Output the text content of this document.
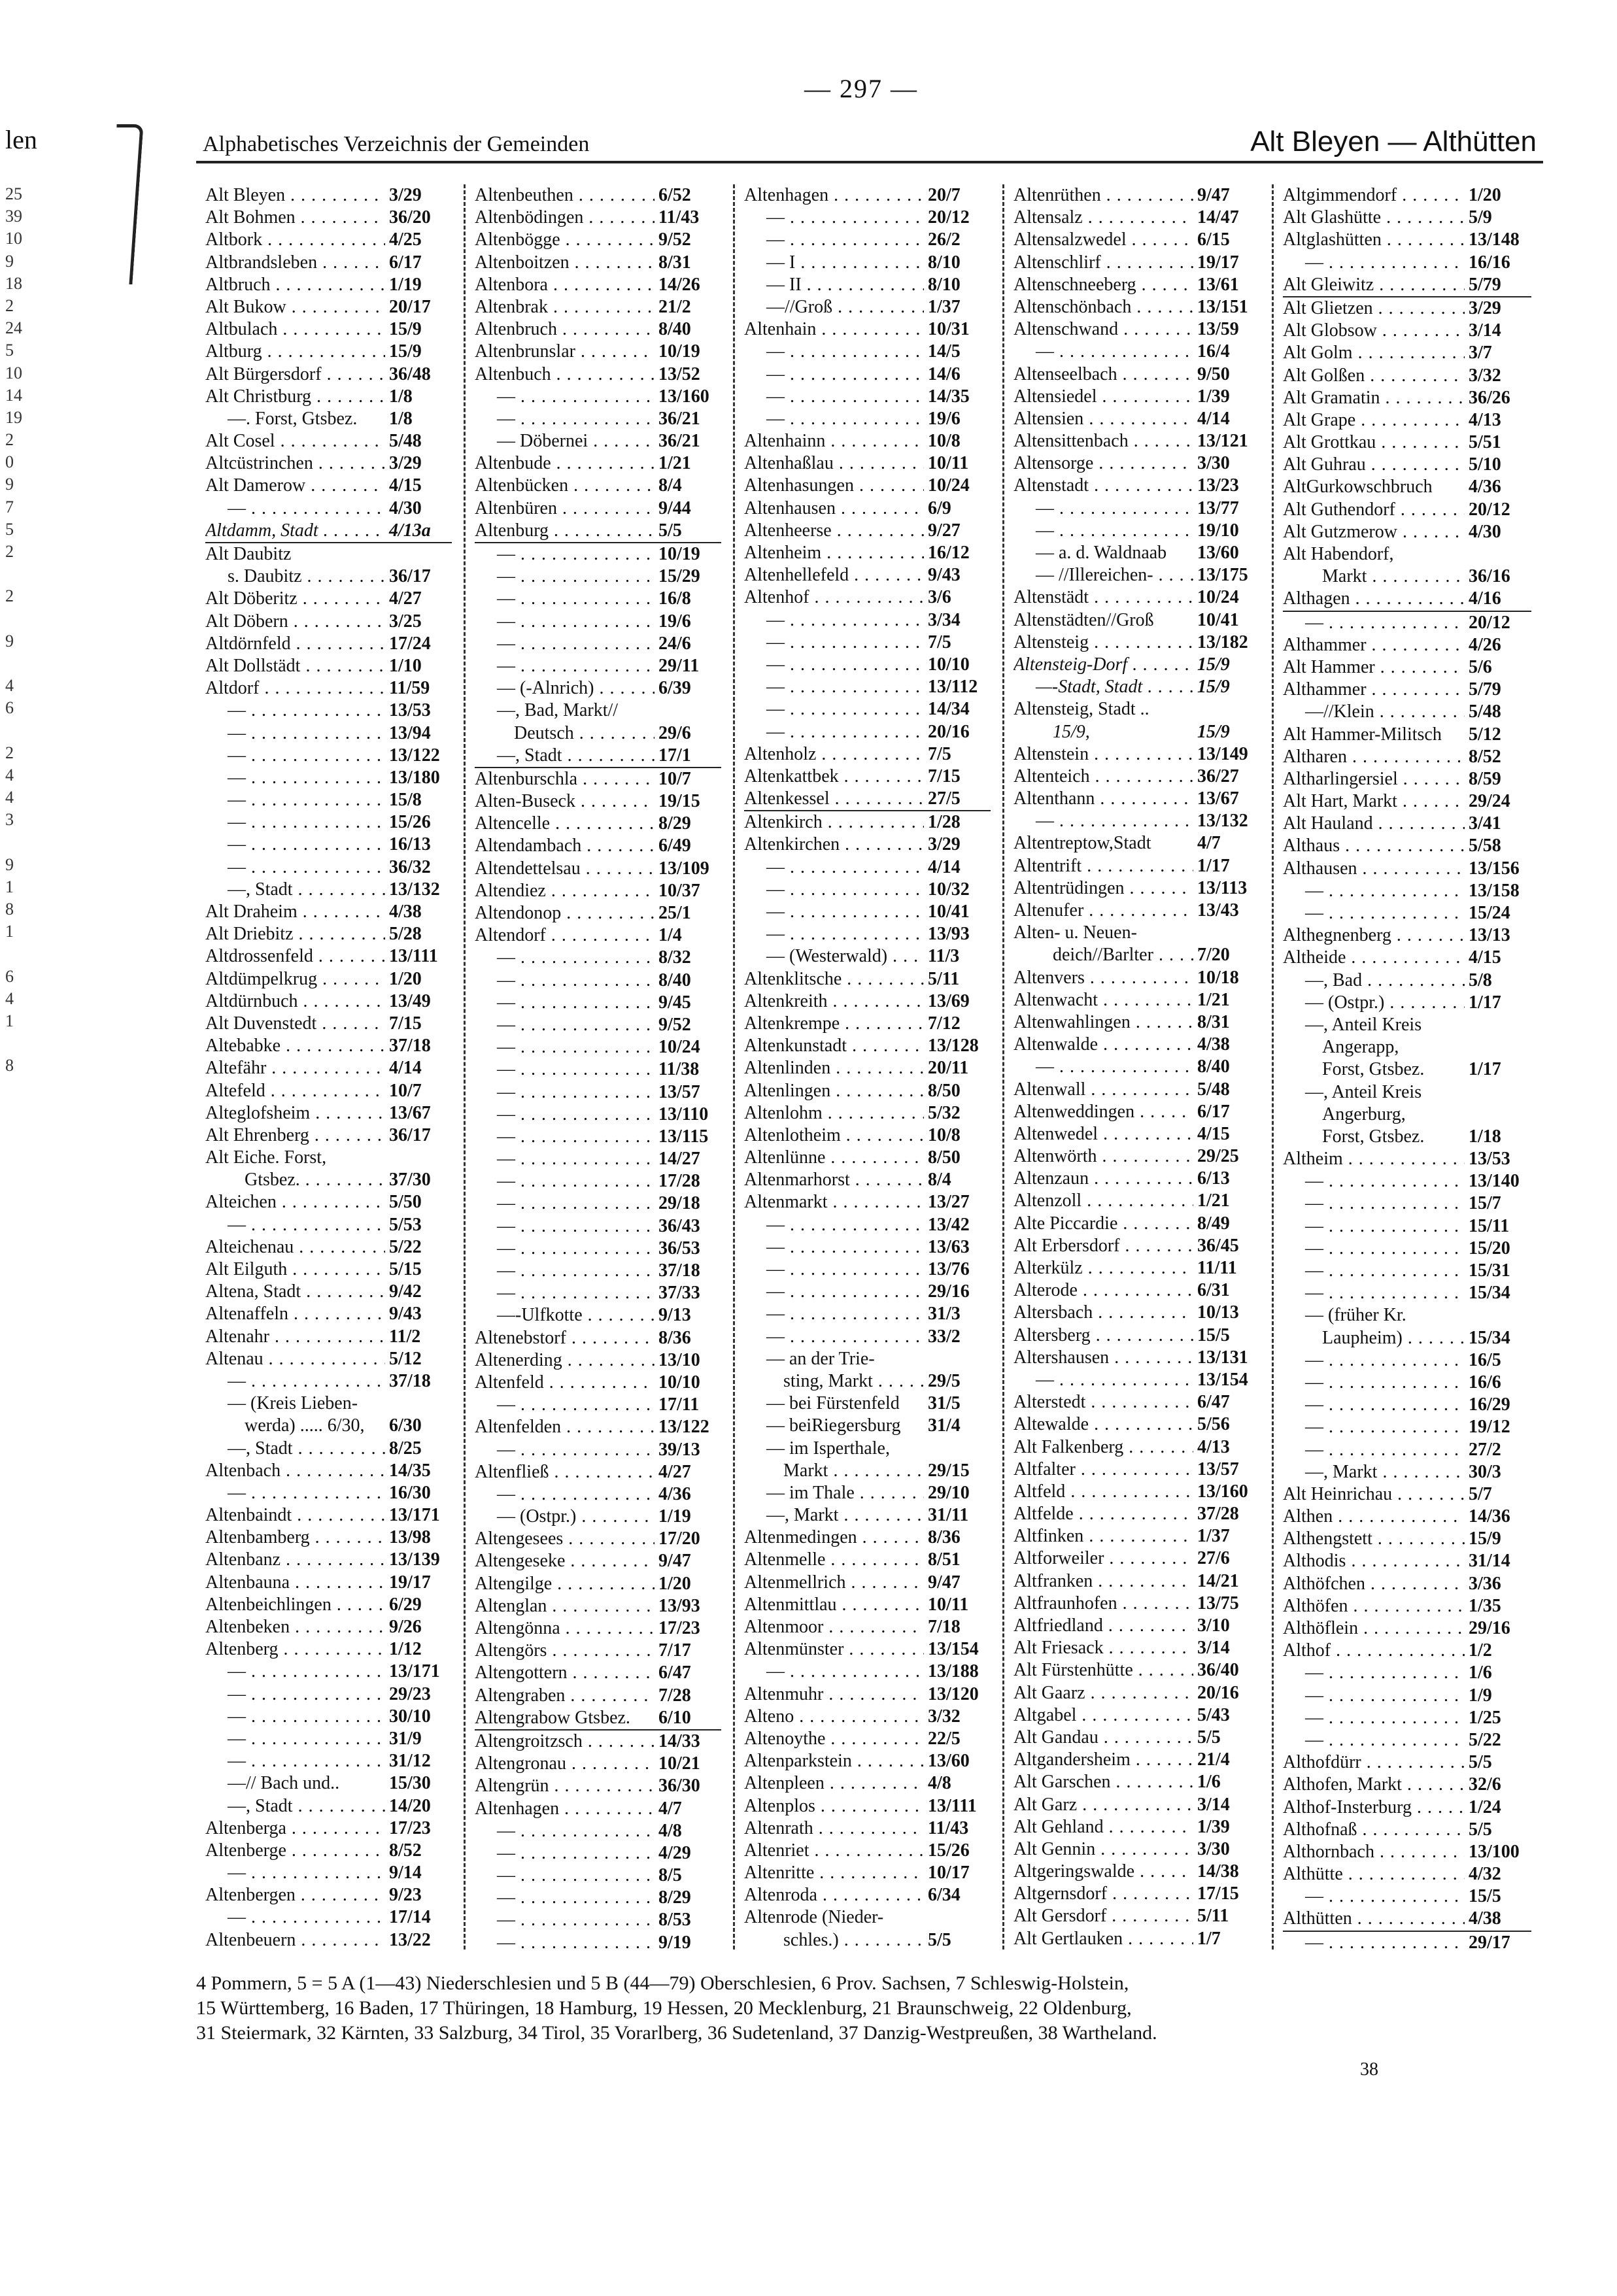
— 297 —
len
25
39
10
9
18
2
24
5
10
14
19
2
0
9
7
5
2
2
9
4
6
2
4
4
3
9
1
8
1
6
4
1
8
Alphabetisches Verzeichnis der Gemeinden	Alt Bleyen — Althütten
Alt Bleyen . . .	3/29
Alt Bohmen . . .	36/20
Altbork . . .	4/25
Altbrandsleben . . .	6/17
Altbruch . . .	1/19
Alt Bukow . . .	20/17
Altbulach . . .	15/9
Altburg . . .	15/9
Alt Bürgersdorf . . .	36/48
Alt Christburg . . .	1/8
—. Forst, Gtsbez.	1/8
Alt Cosel . . .	5/48
Altcüstrinchen . . .	3/29
Alt Damerow . . .	4/15
— . . .	4/30
Altdamm, Stadt . . .	4/13a
Alt Daubitz
s. Daubitz . . .	36/17
Alt Döberitz . . .	4/27
Alt Döbern . . .	3/25
Altdörnfeld . . .	17/24
Alt Dollstädt . . .	1/10
Altdorf . . .	11/59
— . . .	13/53
— . . .	13/94
— . . .	13/122
— . . .	13/180
— . . .	15/8
— . . .	15/26
— . . .	16/13
— . . .	36/32
—, Stadt . . .	13/132
Alt Draheim . . .	4/38
Alt Driebitz . . .	5/28
Altdrossenfeld . . .	13/111
Altdümpelkrug . . .	1/20
Altdürnbuch . . .	13/49
Alt Duvenstedt . . .	7/15
Altebabke . . .	37/18
Altefähr . . .	4/14
Altefeld . . .	10/7
Alteglofsheim . . .	13/67
Alt Ehrenberg . . .	36/17
Alt Eiche. Forst,
Gtsbez. . . .	37/30
Alteichen . . .	5/50
— . . .	5/53
Alteichenau . . .	5/22
Alt Eilguth . . .	5/15
Altena, Stadt . . .	9/42
Altenaffeln . . .	9/43
Altenahr . . .	11/2
Altenau . . .	5/12
— . . .	37/18
— (Kreis Lieben-
werda) ..... 6/30,	6/30
—, Stadt . . .	8/25
Altenbach . . .	14/35
— . . .	16/30
Altenbaindt . . .	13/171
Altenbamberg . . .	13/98
Altenbanz . . .	13/139
Altenbauna . . .	19/17
Altenbeichlingen . . .	6/29
Altenbeken . . .	9/26
Altenberg . . .	1/12
— . . .	13/171
— . . .	29/23
— . . .	30/10
— . . .	31/9
— . . .	31/12
—// Bach und..	15/30
—, Stadt . . .	14/20
Altenberga . . .	17/23
Altenberge . . .	8/52
— . . .	9/14
Altenbergen . . .	9/23
— . . .	17/14
Altenbeuern . . .	13/22
Altenbeuthen . . .	6/52
Altenbödingen . . .	11/43
Altenbögge . . .	9/52
Altenboitzen . . .	8/31
Altenbora . . .	14/26
Altenbrak . . .	21/2
Altenbruch . . .	8/40
Altenbrunslar . . .	10/19
Altenbuch . . .	13/52
— . . .	13/160
— . . .	36/21
— Döbernei . . .	36/21
Altenbude . . .	1/21
Altenbücken . . .	8/4
Altenbüren . . .	9/44
Altenburg . . .	5/5
— . . .	10/19
— . . .	15/29
— . . .	16/8
— . . .	19/6
— . . .	24/6
— . . .	29/11
— (-Alnrich) . . .	6/39
—, Bad, Markt//
Deutsch . . .	29/6
—, Stadt . . .	17/1
Altenburschla . . .	10/7
Alten-Buseck . . .	19/15
Altencelle . . .	8/29
Altendambach . . .	6/49
Altendettelsau . . .	13/109
Altendiez . . .	10/37
Altendonop . . .	25/1
Altendorf . . .	1/4
— . . .	8/32
— . . .	8/40
— . . .	9/45
— . . .	9/52
— . . .	10/24
— . . .	11/38
— . . .	13/57
— . . .	13/110
— . . .	13/115
— . . .	14/27
— . . .	17/28
— . . .	29/18
— . . .	36/43
— . . .	36/53
— . . .	37/18
— . . .	37/33
—-Ulfkotte . . .	9/13
Altenebstorf . . .	8/36
Altenerding . . .	13/10
Altenfeld . . .	10/10
— . . .	17/11
Altenfelden . . .	13/122
— . . .	39/13
Altenfließ . . .	4/27
— . . .	4/36
— (Ostpr.) . . .	1/19
Altengesees . . .	17/20
Altengeseke . . .	9/47
Altengilge . . .	1/20
Altenglan . . .	13/93
Altengönna . . .	17/23
Altengörs . . .	7/17
Altengottern . . .	6/47
Altengraben . . .	7/28
Altengrabow Gtsbez.	6/10
Altengroitzsch . . .	14/33
Altengronau . . .	10/21
Altengrün . . .	36/30
Altenhagen . . .	4/7
— . . .	4/8
— . . .	4/29
— . . .	8/5
— . . .	8/29
— . . .	8/53
— . . .	9/19
Altenhagen . . .	20/7
— . . .	20/12
— . . .	26/2
— I . . .	8/10
— II . . .	8/10
—//Groß . . .	1/37
Altenhain . . .	10/31
— . . .	14/5
— . . .	14/6
— . . .	14/35
— . . .	19/6
Altenhainn . . .	10/8
Altenhaßlau . . .	10/11
Altenhasungen . . .	10/24
Altenhausen . . .	6/9
Altenheerse . . .	9/27
Altenheim . . .	16/12
Altenhellefeld . . .	9/43
Altenhof . . .	3/6
— . . .	3/34
— . . .	7/5
— . . .	10/10
— . . .	13/112
— . . .	14/34
— . . .	20/16
Altenholz . . .	7/5
Altenkattbek . . .	7/15
Altenkessel . . .	27/5
Altenkirch . . .	1/28
Altenkirchen . . .	3/29
— . . .	4/14
— . . .	10/32
— . . .	10/41
— . . .	13/93
— (Westerwald) . . .	11/3
Altenklitsche . . .	5/11
Altenkreith . . .	13/69
Altenkrempe . . .	7/12
Altenkunstadt . . .	13/128
Altenlinden . . .	20/11
Altenlingen . . .	8/50
Altenlohm . . .	5/32
Altenlotheim . . .	10/8
Altenlünne . . .	8/50
Altenmarhorst . . .	8/4
Altenmarkt . . .	13/27
— . . .	13/42
— . . .	13/63
— . . .	13/76
— . . .	29/16
— . . .	31/3
— . . .	33/2
— an der Trie-
sting, Markt . . .	29/5
— bei Fürstenfeld	31/5
— beiRiegersburg	31/4
— im Isperthale,
Markt . . .	29/15
— im Thale . . .	29/10
—, Markt . . .	31/11
Altenmedingen . . .	8/36
Altenmelle . . .	8/51
Altenmellrich . . .	9/47
Altenmittlau . . .	10/11
Altenmoor . . .	7/18
Altenmünster . . .	13/154
— . . .	13/188
Altenmuhr . . .	13/120
Alteno . . .	3/32
Altenoythe . . .	22/5
Altenparkstein . . .	13/60
Altenpleen . . .	4/8
Altenplos . . .	13/111
Altenrath . . .	11/43
Altenriet . . .	15/26
Altenritte . . .	10/17
Altenroda . . .	6/34
Altenrode (Nieder-
schles.) . . .	5/5
Altenrüthen . . .	9/47
Altensalz . . .	14/47
Altensalzwedel . . .	6/15
Altenschlirf . . .	19/17
Altenschneeberg . . .	13/61
Altenschönbach . . .	13/151
Altenschwand . . .	13/59
— . . .	16/4
Altenseelbach . . .	9/50
Altensiedel . . .	1/39
Altensien . . .	4/14
Altensittenbach . . .	13/121
Altensorge . . .	3/30
Altenstadt . . .	13/23
— . . .	13/77
— . . .	19/10
— a. d. Waldnaab	13/60
— //Illereichen- . . .	13/175
Altenstädt . . .	10/24
Altenstädten//Groß	10/41
Altensteig . . .	13/182
Altensteig-Dorf . . .	15/9
—-Stadt, Stadt . . .	15/9
Altensteig, Stadt ..
15/9,	15/9
Altenstein . . .	13/149
Altenteich . . .	36/27
Altenthann . . .	13/67
— . . .	13/132
Altentreptow,Stadt	4/7
Altentrift . . .	1/17
Altentrüdingen . . .	13/113
Altenufer . . .	13/43
Alten- u. Neuen-
deich//Barlter . . .	7/20
Altenvers . . .	10/18
Altenwacht . . .	1/21
Altenwahlingen . . .	8/31
Altenwalde . . .	4/38
— . . .	8/40
Altenwall . . .	5/48
Altenweddingen . . .	6/17
Altenwedel . . .	4/15
Altenwörth . . .	29/25
Altenzaun . . .	6/13
Altenzoll . . .	1/21
Alte Piccardie . . .	8/49
Alt Erbersdorf . . .	36/45
Alterkülz . . .	11/11
Alterode . . .	6/31
Altersbach . . .	10/13
Altersberg . . .	15/5
Altershausen . . .	13/131
— . . .	13/154
Alterstedt . . .	6/47
Altewalde . . .	5/56
Alt Falkenberg . . .	4/13
Altfalter . . .	13/57
Altfeld . . .	13/160
Altfelde . . .	37/28
Altfinken . . .	1/37
Altforweiler . . .	27/6
Altfranken . . .	14/21
Altfraunhofen . . .	13/75
Altfriedland . . .	3/10
Alt Friesack . . .	3/14
Alt Fürstenhütte . . .	36/40
Alt Gaarz . . .	20/16
Altgabel . . .	5/43
Alt Gandau . . .	5/5
Altgandersheim . . .	21/4
Alt Garschen . . .	1/6
Alt Garz . . .	3/14
Alt Gehland . . .	1/39
Alt Gennin . . .	3/30
Altgeringswalde . . .	14/38
Altgernsdorf . . .	17/15
Alt Gersdorf . . .	5/11
Alt Gertlauken . . .	1/7
Altgimmendorf . . .	1/20
Alt Glashütte . . .	5/9
Altglashütten . . .	13/148
— . . .	16/16
Alt Gleiwitz . . .	5/79
Alt Glietzen . . .	3/29
Alt Globsow . . .	3/14
Alt Golm . . .	3/7
Alt Golßen . . .	3/32
Alt Gramatin . . .	36/26
Alt Grape . . .	4/13
Alt Grottkau . . .	5/51
Alt Guhrau . . .	5/10
AltGurkowschbruch	4/36
Alt Guthendorf . . .	20/12
Alt Gutzmerow . . .	4/30
Alt Habendorf,
Markt . . .	36/16
Althagen . . .	4/16
— . . .	20/12
Althammer . . .	4/26
Alt Hammer . . .	5/6
Althammer . . .	5/79
—//Klein . . .	5/48
Alt Hammer-Militsch	5/12
Altharen . . .	8/52
Altharlingersiel . . .	8/59
Alt Hart, Markt . . .	29/24
Alt Hauland . . .	3/41
Althaus . . .	5/58
Althausen . . .	13/156
— . . .	13/158
— . . .	15/24
Althegnenberg . . .	13/13
Altheide . . .	4/15
—, Bad . . .	5/8
— (Ostpr.) . . .	1/17
—, Anteil Kreis
Angerapp,
Forst, Gtsbez.	1/17
—, Anteil Kreis
Angerburg,
Forst, Gtsbez.	1/18
Altheim . . .	13/53
— . . .	13/140
— . . .	15/7
— . . .	15/11
— . . .	15/20
— . . .	15/31
— . . .	15/34
— (früher Kr.
Laupheim) . . .	15/34
— . . .	16/5
— . . .	16/6
— . . .	16/29
— . . .	19/12
— . . .	27/2
—, Markt . . .	30/3
Alt Heinrichau . . .	5/7
Althen . . .	14/36
Althengstett . . .	15/9
Althodis . . .	31/14
Althöfchen . . .	3/36
Althöfen . . .	1/35
Althöflein . . .	29/16
Althof . . .	1/2
— . . .	1/6
— . . .	1/9
— . . .	1/25
— . . .	5/22
Althofdürr . . .	5/5
Althofen, Markt . . .	32/6
Althof-Insterburg . . .	1/24
Althofnaß . . .	5/5
Althornbach . . .	13/100
Althütte . . .	4/32
— . . .	15/5
Althütten . . .	4/38
— . . .	29/17
4 Pommern, 5 = 5 A (1—43) Niederschlesien und 5 B (44—79) Oberschlesien, 6 Prov. Sachsen, 7 Schleswig-Holstein,
15 Württemberg, 16 Baden, 17 Thüringen, 18 Hamburg, 19 Hessen, 20 Mecklenburg, 21 Braunschweig, 22 Oldenburg,
31 Steiermark, 32 Kärnten, 33 Salzburg, 34 Tirol, 35 Vorarlberg, 36 Sudetenland, 37 Danzig-Westpreußen, 38 Wartheland.
38
